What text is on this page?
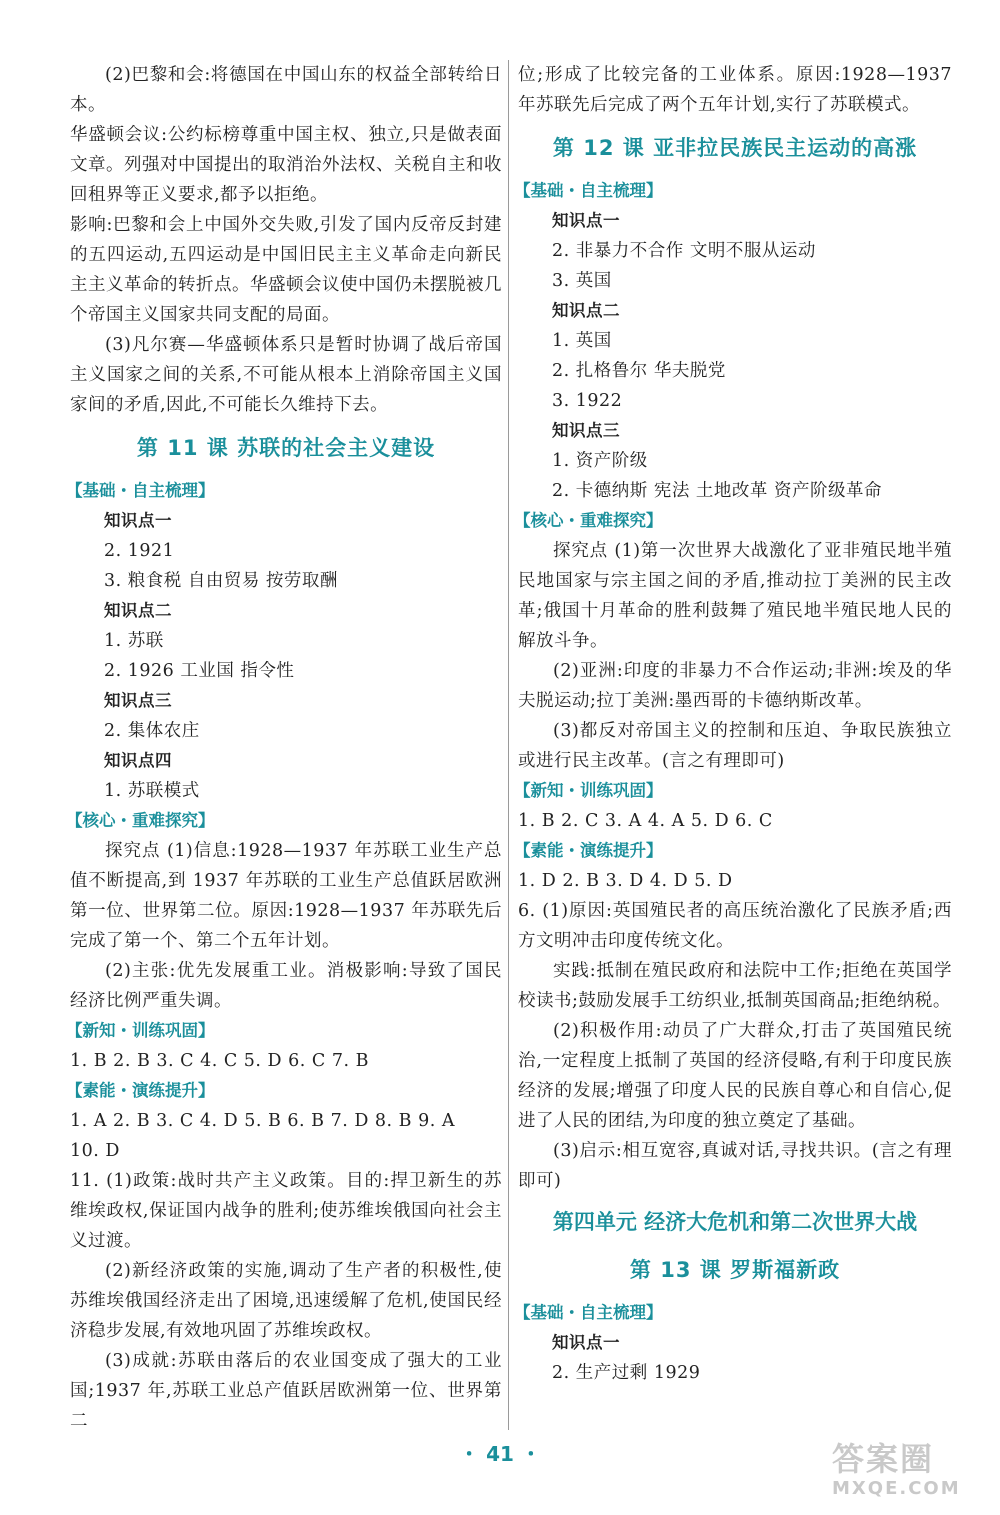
(2)巴黎和会:将德国在中国山东的权益全部转给日本。

华盛顿会议:公约标榜尊重中国主权、独立,只是做表面文章。列强对中国提出的取消治外法权、关税自主和收回租界等正义要求,都予以拒绝。

影响:巴黎和会上中国外交失败,引发了国内反帝反封建的五四运动,五四运动是中国旧民主主义革命走向新民主主义革命的转折点。华盛顿会议使中国仍未摆脱被几个帝国主义国家共同支配的局面。

(3)凡尔赛—华盛顿体系只是暂时协调了战后帝国主义国家之间的关系,不可能从根本上消除帝国主义国家间的矛盾,因此,不可能长久维持下去。

第 11 课 苏联的社会主义建设

【基础・自主梳理】

知识点一

2. 1921

3. 粮食税 自由贸易 按劳取酬

知识点二

1. 苏联

2. 1926 工业国 指令性

知识点三

2. 集体农庄

知识点四

1. 苏联模式

【核心・重难探究】

探究点 (1)信息:1928—1937 年苏联工业生产总值不断提高,到 1937 年苏联的工业生产总值跃居欧洲第一位、世界第二位。原因:1928—1937 年苏联先后完成了第一个、第二个五年计划。

(2)主张:优先发展重工业。消极影响:导致了国民经济比例严重失调。

【新知・训练巩固】

1. B 2. B 3. C 4. C 5. D 6. C 7. B

【素能・演练提升】

1. A 2. B 3. C 4. D 5. B 6. B 7. D 8. B 9. A

10. D

11. (1)政策:战时共产主义政策。目的:捍卫新生的苏维埃政权,保证国内战争的胜利;使苏维埃俄国向社会主义过渡。

(2)新经济政策的实施,调动了生产者的积极性,使苏维埃俄国经济走出了困境,迅速缓解了危机,使国民经济稳步发展,有效地巩固了苏维埃政权。

(3)成就:苏联由落后的农业国变成了强大的工业国;1937 年,苏联工业总产值跃居欧洲第一位、世界第二

位;形成了比较完备的工业体系。原因:1928—1937 年苏联先后完成了两个五年计划,实行了苏联模式。

第 12 课 亚非拉民族民主运动的高涨

【基础・自主梳理】

知识点一

2. 非暴力不合作 文明不服从运动

3. 英国

知识点二

1. 英国

2. 扎格鲁尔 华夫脱党

3. 1922

知识点三

1. 资产阶级

2. 卡德纳斯 宪法 土地改革 资产阶级革命

【核心・重难探究】

探究点 (1)第一次世界大战激化了亚非殖民地半殖民地国家与宗主国之间的矛盾,推动拉丁美洲的民主改革;俄国十月革命的胜利鼓舞了殖民地半殖民地人民的解放斗争。

(2)亚洲:印度的非暴力不合作运动;非洲:埃及的华夫脱运动;拉丁美洲:墨西哥的卡德纳斯改革。

(3)都反对帝国主义的控制和压迫、争取民族独立或进行民主改革。(言之有理即可)

【新知・训练巩固】

1. B 2. C 3. A 4. A 5. D 6. C

【素能・演练提升】

1. D 2. B 3. D 4. D 5. D

6. (1)原因:英国殖民者的高压统治激化了民族矛盾;西方文明冲击印度传统文化。

实践:抵制在殖民政府和法院中工作;拒绝在英国学校读书;鼓励发展手工纺织业,抵制英国商品;拒绝纳税。

(2)积极作用:动员了广大群众,打击了英国殖民统治,一定程度上抵制了英国的经济侵略,有利于印度民族经济的发展;增强了印度人民的民族自尊心和自信心,促进了人民的团结,为印度的独立奠定了基础。

(3)启示:相互宽容,真诚对话,寻找共识。(言之有理即可)

第四单元 经济大危机和第二次世界大战
第 13 课 罗斯福新政

【基础・自主梳理】

知识点一

2. 生产过剩 1929

・ 41 ・	答案圈
MXQE.COM
